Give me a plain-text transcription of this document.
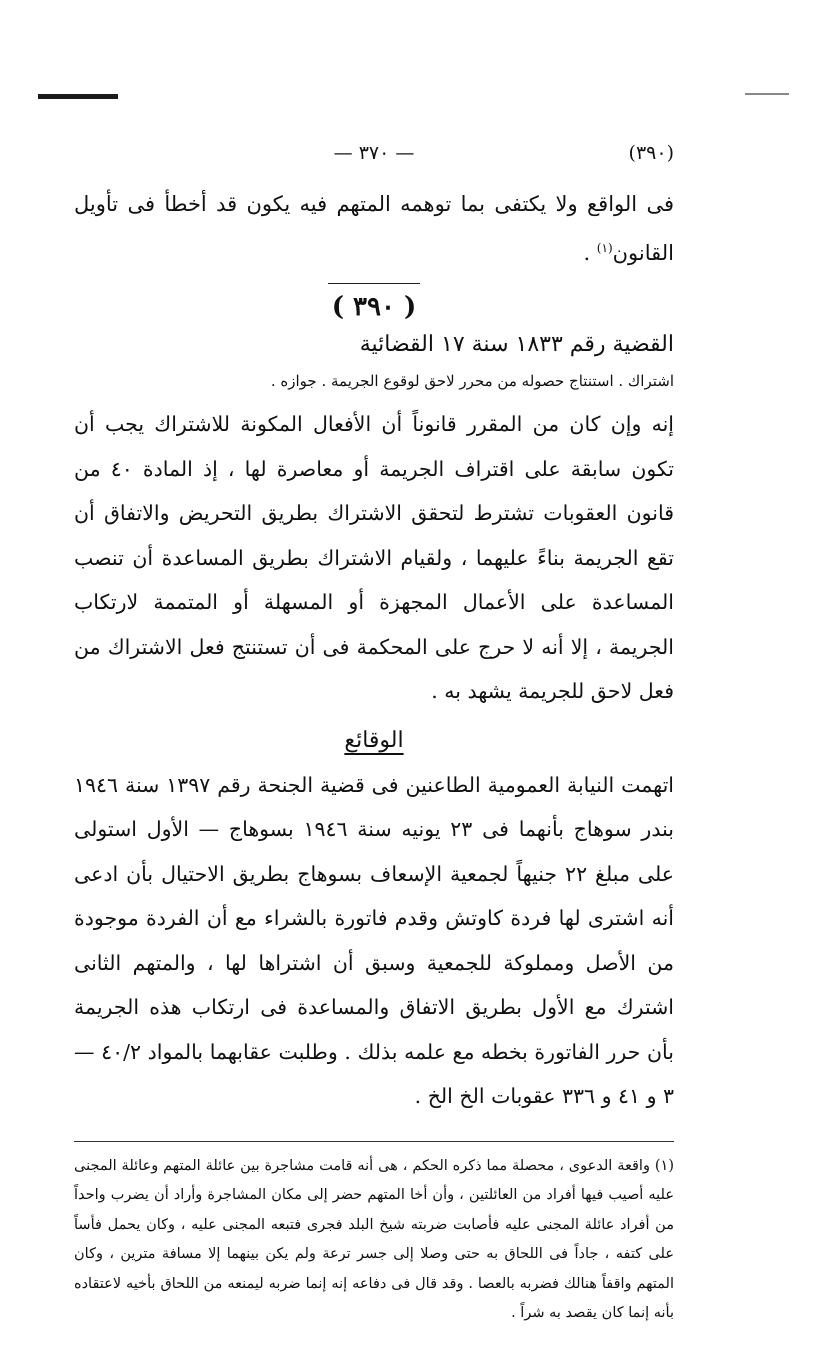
(٣٩٠)
— ٣٧٠ —

فى الواقع ولا يكتفى بما توهمه المتهم فيه يكون قد أخطأ فى تأويل القانون$^{(١)}$ .

( ٣٩٠ )

القضية رقم ١٨٣٣ سنة ١٧ القضائية

اشتراك . استنتاج حصوله من محرر لاحق لوقوع الجريمة . جوازه .

إنه وإن كان من المقرر قانوناً أن الأفعال المكونة للاشتراك يجب أن تكون سابقة على اقتراف الجريمة أو معاصرة لها ، إذ المادة ٤٠ من قانون العقوبات تشترط لتحقق الاشتراك بطريق التحريض والاتفاق أن تقع الجريمة بناءً عليهما ، ولقيام الاشتراك بطريق المساعدة أن تنصب المساعدة على الأعمال المجهزة أو المسهلة أو المتممة لارتكاب الجريمة ، إلا أنه لا حرج على المحكمة فى أن تستنتج فعل الاشتراك من فعل لاحق للجريمة يشهد به .

الوقائع

اتهمت النيابة العمومية الطاعنين فى قضية الجنحة رقم ١٣٩٧ سنة ١٩٤٦ بندر سوهاج بأنهما فى ٢٣ يونيه سنة ١٩٤٦ بسوهاج — الأول استولى على مبلغ ٢٢ جنيهاً لجمعية الإسعاف بسوهاج بطريق الاحتيال بأن ادعى أنه اشترى لها فردة كاوتش وقدم فاتورة بالشراء مع أن الفردة موجودة من الأصل ومملوكة للجمعية وسبق أن اشتراها لها ، والمتهم الثانى اشترك مع الأول بطريق الاتفاق والمساعدة فى ارتكاب هذه الجريمة بأن حرر الفاتورة بخطه مع علمه بذلك . وطلبت عقابهما بالمواد ٤٠/٢ — ٣ و ٤١ و ٣٣٦ عقوبات الخ الخ .

(١) واقعة الدعوى ، محصلة مما ذكره الحكم ، هى أنه قامت مشاجرة بين عائلة المتهم وعائلة المجنى عليه أصيب فيها أفراد من العائلتين ، وأن أخا المتهم حضر إلى مكان المشاجرة وأراد أن يضرب واحداً من أفراد عائلة المجنى عليه فأصابت ضربته شيخ البلد فجرى فتبعه المجنى عليه ، وكان يحمل فأساً على كتفه ، جاداً فى اللحاق به حتى وصلا إلى جسر ترعة ولم يكن بينهما إلا مسافة مترين ، وكان المتهم واقفاً هنالك فضربه بالعصا . وقد قال فى دفاعه إنه إنما ضربه ليمنعه من اللحاق بأخيه لاعتقاده بأنه إنما كان يقصد به شراً .
